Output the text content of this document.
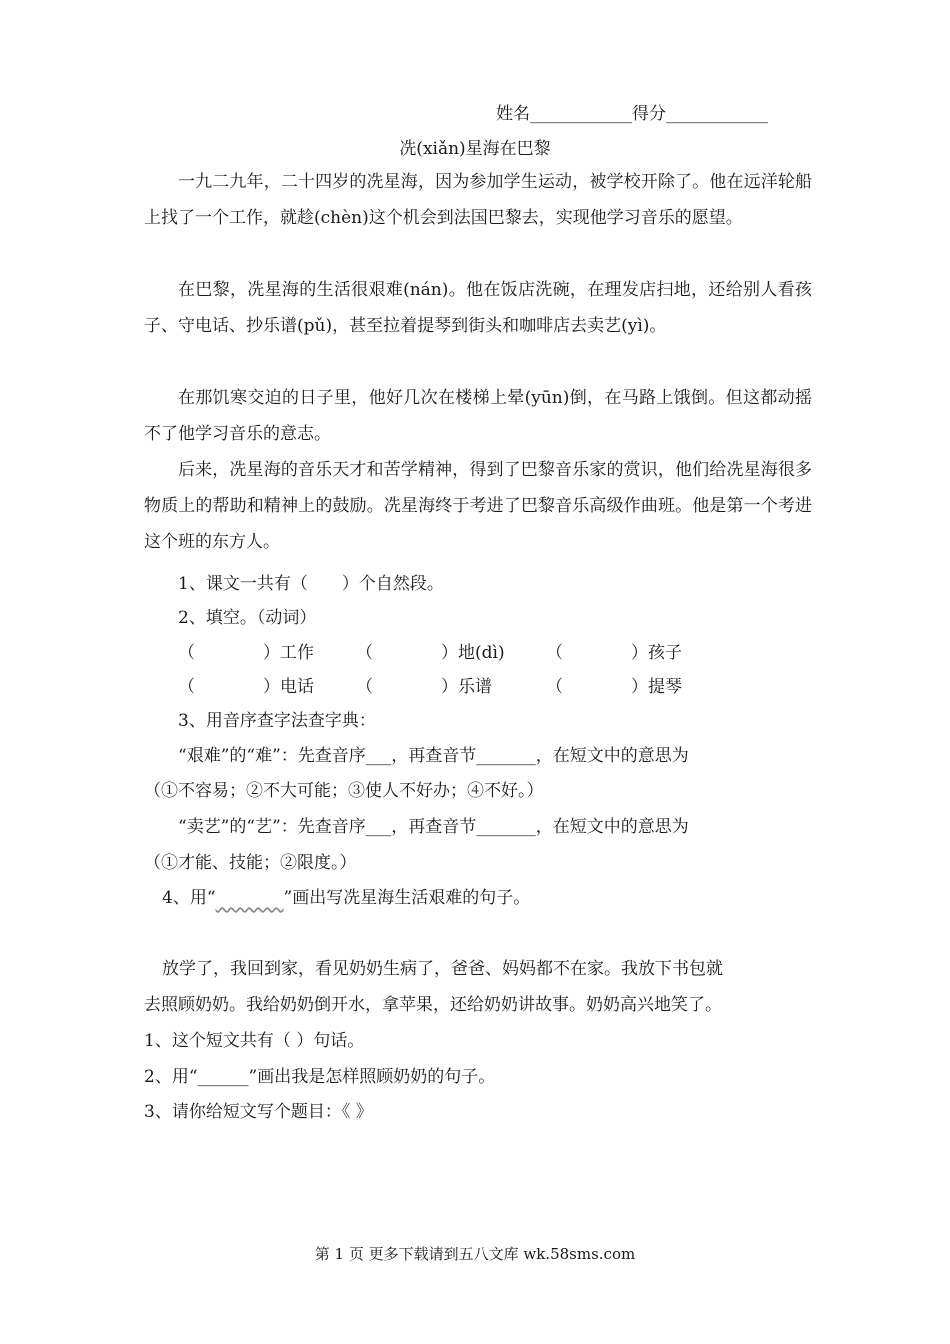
姓名____________得分____________
冼(xiǎn)星海在巴黎
一九二九年，二十四岁的冼星海，因为参加学生运动，被学校开除了。他在远洋轮船上找了一个工作，就趁(chèn)这个机会到法国巴黎去，实现他学习音乐的愿望。
在巴黎，冼星海的生活很艰难(nán)。他在饭店洗碗，在理发店扫地，还给别人看孩子、守电话、抄乐谱(pǔ)，甚至拉着提琴到街头和咖啡店去卖艺(yì)。
在那饥寒交迫的日子里，他好几次在楼梯上晕(yūn)倒，在马路上饿倒。但这都动摇不了他学习音乐的意志。
后来，冼星海的音乐天才和苦学精神，得到了巴黎音乐家的赏识，他们给冼星海很多物质上的帮助和精神上的鼓励。冼星海终于考进了巴黎音乐高级作曲班。他是第一个考进这个班的东方人。
1、课文一共有（　　）个自然段。
2、填空。（动词）
（　　　　）工作 （　　　　）地(dì) （　　　　）孩子
（　　　　）电话 （　　　　）乐谱	（　　　　）提琴
3、用音序查字法查字典：
“艰难”的“难”：先查音序___，再查音节_______，在短文中的意思为
（①不容易；②不大可能；③使人不好办；④不好。）
“卖艺”的“艺”：先查音序___，再查音节_______，在短文中的意思为
（①才能、技能；②限度。）
4、用“	”画出写冼星海生活艰难的句子。
放学了，我回到家，看见奶奶生病了，爸爸、妈妈都不在家。我放下书包就
去照顾奶奶。我给奶奶倒开水，拿苹果，还给奶奶讲故事。奶奶高兴地笑了。
1、这个短文共有（ ）句话。
2、用“______”画出我是怎样照顾奶奶的句子。
3、请你给短文写个题目：《 》
第 1 页 更多下载请到五八文库 wk.58sms.com
